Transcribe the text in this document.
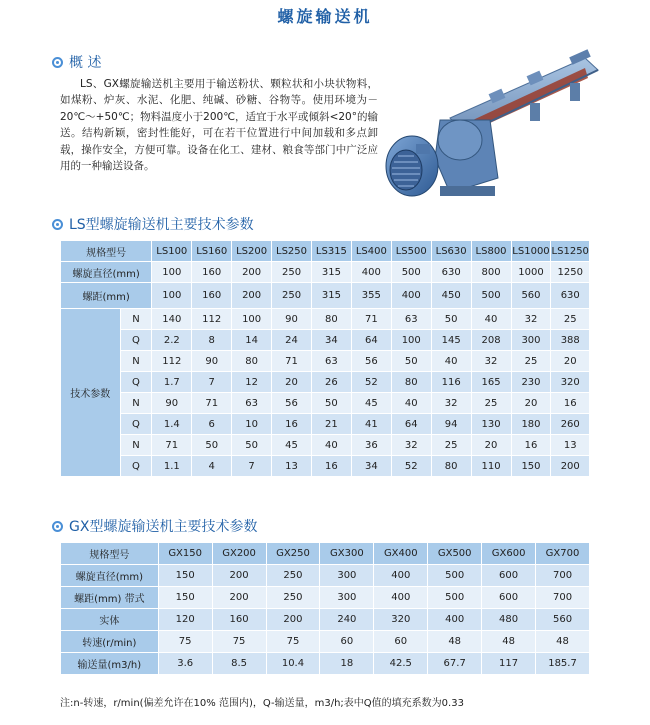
螺旋输送机
概 述
LS、GX螺旋输送机主要用于输送粉状、颗粒状和小块状物料，如煤粉、炉灰、水泥、化肥、纯碱、砂糖、谷物等。使用环境为－20℃～+50℃；物料温度小于200℃，适宜于水平或倾斜<20°的输送。结构新颖，密封性能好，可在若干位置进行中间加载和多点卸载，操作安全，方便可靠。设备在化工、建材、粮食等部门中广泛应用的一种输送设备。
LS型螺旋输送机主要技术参数
规格型号		LS100	LS160	LS200	LS250	LS315	LS400	LS500	LS630	LS800	LS1000	LS1250
螺旋直径(mm)		100	160	200	250	315	400	500	630	800	1000	1250
螺距(mm)		100	160	200	250	315	355	400	450	500	560	630
技术参数	N	140	112	100	90	80	71	63	50	40	32	25
	Q	2.2	8	14	24	34	64	100	145	208	300	388
	N	112	90	80	71	63	56	50	40	32	25	20
	Q	1.7	7	12	20	26	52	80	116	165	230	320
	N	90	71	63	56	50	45	40	32	25	20	16
	Q	1.4	6	10	16	21	41	64	94	130	180	260
	N	71	50	50	45	40	36	32	25	20	16	13
	Q	1.1	4	7	13	16	34	52	80	110	150	200
GX型螺旋输送机主要技术参数
规格型号	GX150	GX200	GX250	GX300	GX400	GX500	GX600	GX700
螺旋直径(mm)	150	200	250	300	400	500	600	700
螺距(mm) 带式	150	200	250	300	400	500	600	700
实体	120	160	200	240	320	400	480	560
转速(r/min)	75	75	75	60	60	48	48	48
输送量(m3/h)	3.6	8.5	10.4	18	42.5	67.7	117	185.7
注:n-转速，r/min(偏差允许在10% 范围内)，Q-输送量，m3/h;表中Q值的填充系数为0.33
